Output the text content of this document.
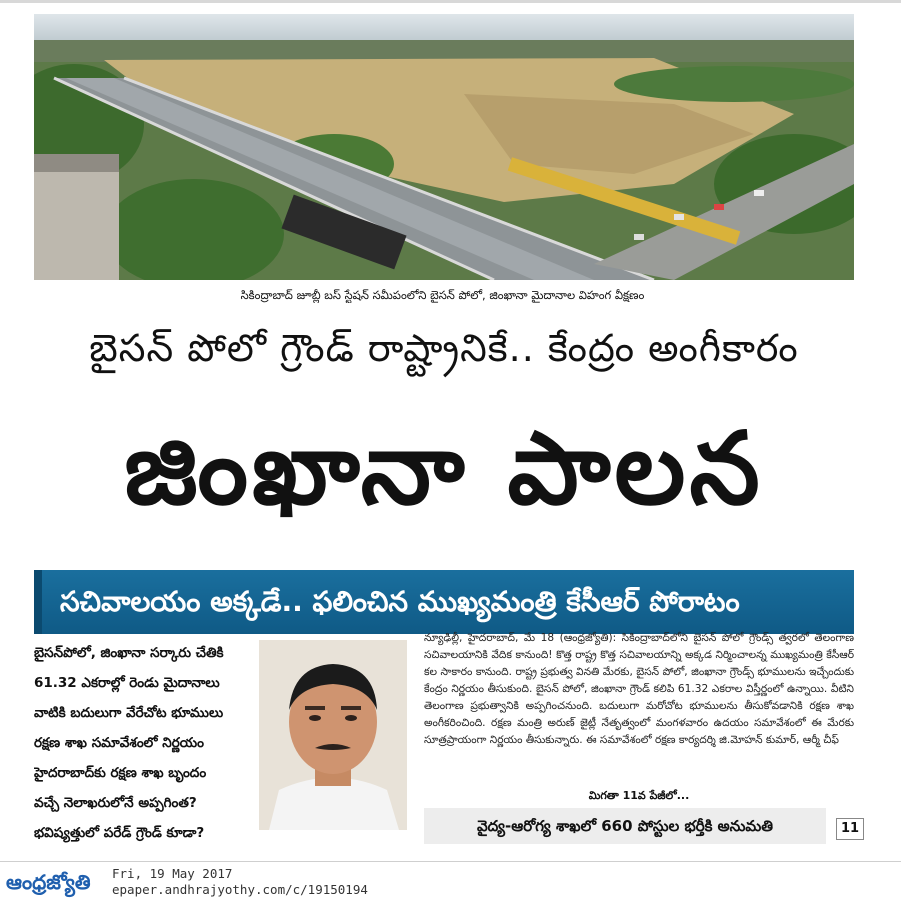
సికింద్రాబాద్ జూబ్లీ బస్ స్టేషన్ సమీపంలోని బైసన్ పోలో, జింఖానా మైదానాల విహంగ వీక్షణం
బైసన్ పోలో గ్రౌండ్ రాష్ట్రానికే.. కేంద్రం అంగీకారం
జింఖానా పాలన
సచివాలయం అక్కడే.. ఫలించిన ముఖ్యమంత్రి కేసీఆర్ పోరాటం
బైసన్‌పోలో, జింఖానా సర్కారు చేతికి
61.32 ఎకరాల్లో రెండు మైదానాలు
వాటికి బదులుగా వేరేచోట భూములు
రక్షణ శాఖ సమావేశంలో నిర్ణయం
హైదరాబాద్‌కు రక్షణ శాఖ బృందం
వచ్చే నెలాఖరులోనే అప్పగింత?
భవిష్యత్తులో పరేడ్ గ్రౌండ్ కూడా?
న్యూఢిల్లీ, హైదరాబాద్, మే 18 (ఆంధ్రజ్యోతి): సికింద్రాబాద్‌లోని బైసన్ పోలో గ్రౌండ్స్ త్వరలో తెలంగాణ సచివాలయానికి వేదిక కానుంది! కొత్త రాష్ట్ర కొత్త సచివాలయాన్ని అక్కడ నిర్మించాలన్న ముఖ్యమంత్రి కేసీఆర్ కల సాకారం కానుంది. రాష్ట్ర ప్రభుత్వ వినతి మేరకు, బైసన్ పోలో, జింఖానా గ్రౌండ్స్ భూములను ఇచ్చేందుకు కేంద్రం నిర్ణయం తీసుకుంది. బైసన్ పోలో, జింఖానా గ్రౌండ్ కలిపి 61.32 ఎకరాల విస్తీర్ణంలో ఉన్నాయి. వీటిని తెలంగాణ ప్రభుత్వానికి అప్పగించనుంది. బదులుగా మరోచోట భూములను తీసుకోవడానికి రక్షణ శాఖ అంగీకరించింది. రక్షణ మంత్రి అరుణ్ జైట్లీ నేతృత్వంలో మంగళవారం ఉదయం సమావేశంలో ఈ మేరకు సూత్రప్రాయంగా నిర్ణయం తీసుకున్నారు. ఈ సమావేశంలో రక్షణ కార్యదర్శి జి.మోహన్ కుమార్, ఆర్మీ చీఫ్
మిగతా 11వ పేజీలో...
వైద్య-ఆరోగ్య శాఖలో 660 పోస్టుల భర్తీకి అనుమతి	11
ఆంధ్రజ్యోతి	Fri, 19 May 2017
epaper.andhrajyothy.com/c/19150194
